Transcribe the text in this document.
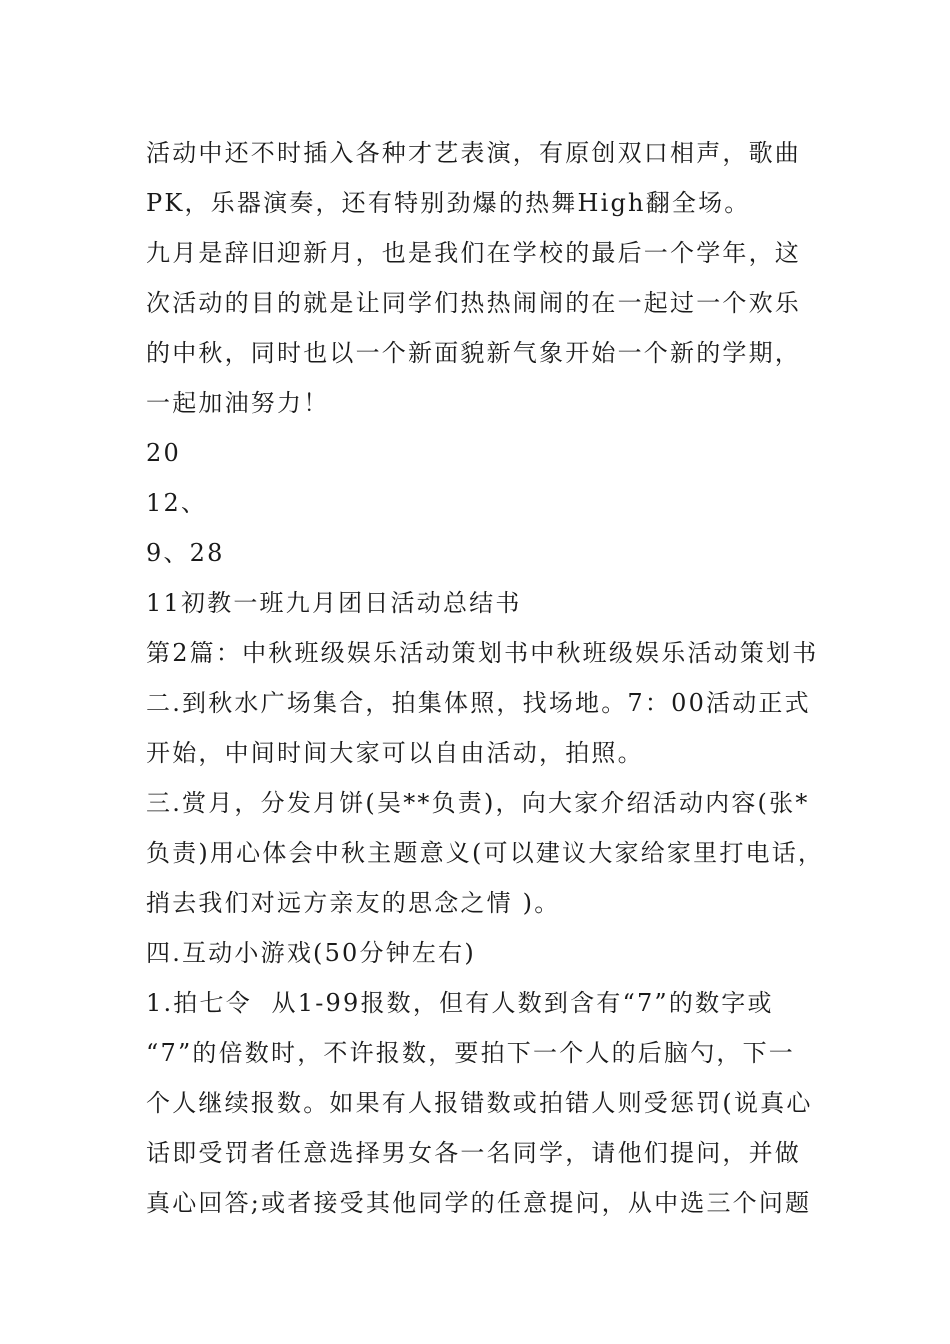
活动中还不时插入各种才艺表演，有原创双口相声，歌曲
PK，乐器演奏，还有特别劲爆的热舞High翻全场。
九月是辞旧迎新月，也是我们在学校的最后一个学年，这
次活动的目的就是让同学们热热闹闹的在一起过一个欢乐
的中秋，同时也以一个新面貌新气象开始一个新的学期，
一起加油努力！
20
12、
9、28
11初教一班九月团日活动总结书
第2篇：中秋班级娱乐活动策划书中秋班级娱乐活动策划书
二.到秋水广场集合，拍集体照，找场地。7：00活动正式
开始，中间时间大家可以自由活动，拍照。
三.赏月，分发月饼(吴**负责)，向大家介绍活动内容(张*
负责)用心体会中秋主题意义(可以建议大家给家里打电话，
捎去我们对远方亲友的思念之情 )。
四.互动小游戏(50分钟左右)
1.拍七令  从1-99报数，但有人数到含有“7”的数字或
“7”的倍数时，不许报数，要拍下一个人的后脑勺，下一
个人继续报数。如果有人报错数或拍错人则受惩罚(说真心
话即受罚者任意选择男女各一名同学，请他们提问，并做
真心回答;或者接受其他同学的任意提问，从中选三个问题
